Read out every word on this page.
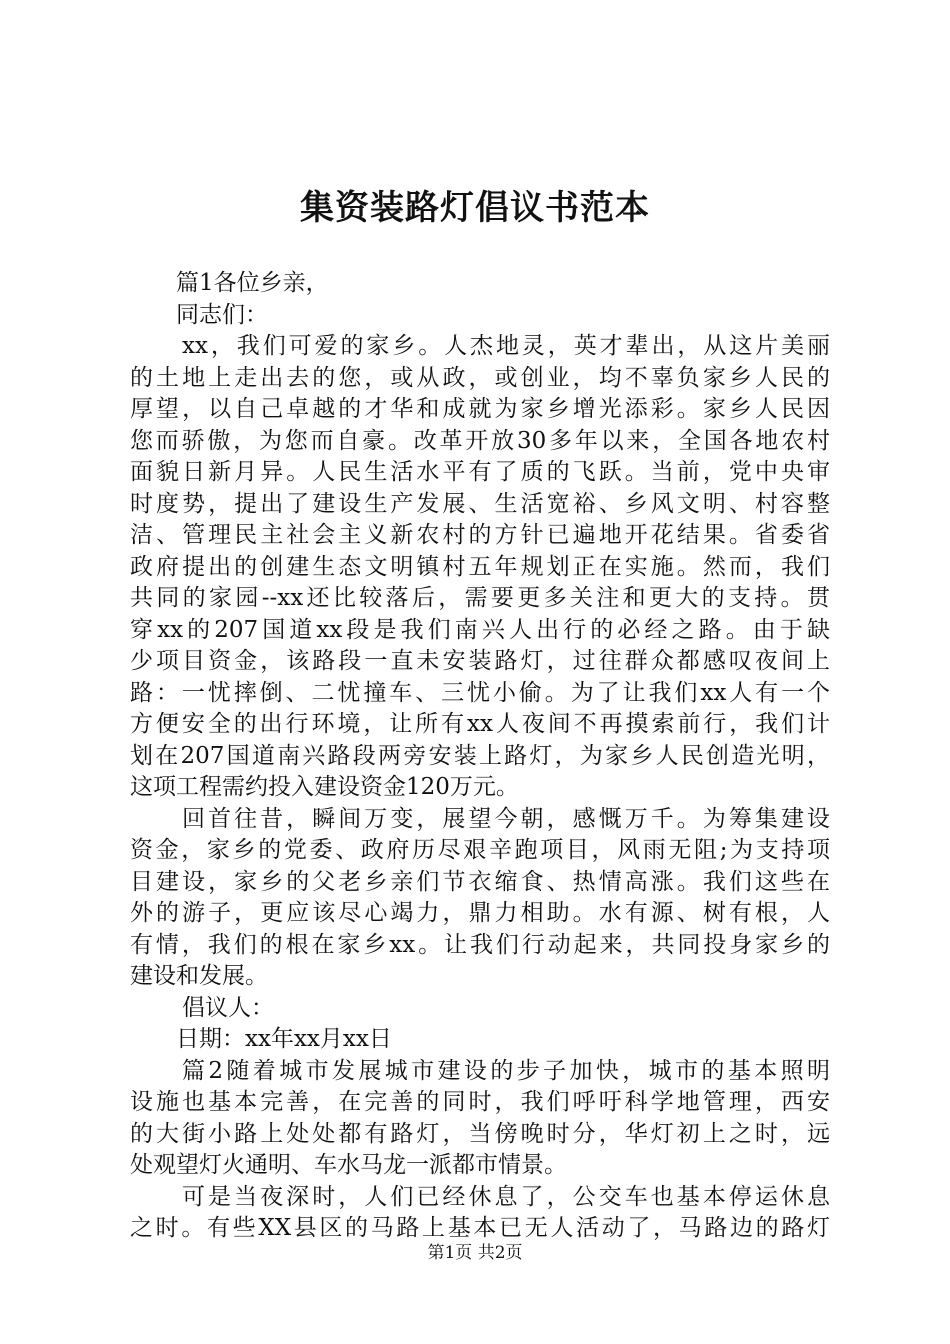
集资装路灯倡议书范本
篇1各位乡亲，
同志们：
xx，我们可爱的家乡。人杰地灵，英才辈出，从这片美丽
的土地上走出去的您，或从政，或创业，均不辜负家乡人民的
厚望，以自己卓越的才华和成就为家乡增光添彩。家乡人民因
您而骄傲，为您而自豪。改革开放30多年以来，全国各地农村
面貌日新月异。人民生活水平有了质的飞跃。当前，党中央审
时度势，提出了建设生产发展、生活宽裕、乡风文明、村容整
洁、管理民主社会主义新农村的方针已遍地开花结果。省委省
政府提出的创建生态文明镇村五年规划正在实施。然而，我们
共同的家园--xx还比较落后，需要更多关注和更大的支持。贯
穿xx的207国道xx段是我们南兴人出行的必经之路。由于缺
少项目资金，该路段一直未安装路灯，过往群众都感叹夜间上
路：一忧摔倒、二忧撞车、三忧小偷。为了让我们xx人有一个
方便安全的出行环境，让所有xx人夜间不再摸索前行，我们计
划在207国道南兴路段两旁安装上路灯，为家乡人民创造光明，
这项工程需约投入建设资金120万元。
回首往昔，瞬间万变，展望今朝，感慨万千。为筹集建设
资金，家乡的党委、政府历尽艰辛跑项目，风雨无阻;为支持项
目建设，家乡的父老乡亲们节衣缩食、热情高涨。我们这些在
外的游子，更应该尽心竭力，鼎力相助。水有源、树有根，人
有情，我们的根在家乡xx。让我们行动起来，共同投身家乡的
建设和发展。
倡议人：
日期：xx年xx月xx日
篇2随着城市发展城市建设的步子加快，城市的基本照明
设施也基本完善，在完善的同时，我们呼吁科学地管理，西安
的大街小路上处处都有路灯，当傍晚时分，华灯初上之时，远
处观望灯火通明、车水马龙一派都市情景。
可是当夜深时，人们已经休息了，公交车也基本停运休息
之时。有些XX县区的马路上基本已无人活动了，马路边的路灯
第1页 共2页
